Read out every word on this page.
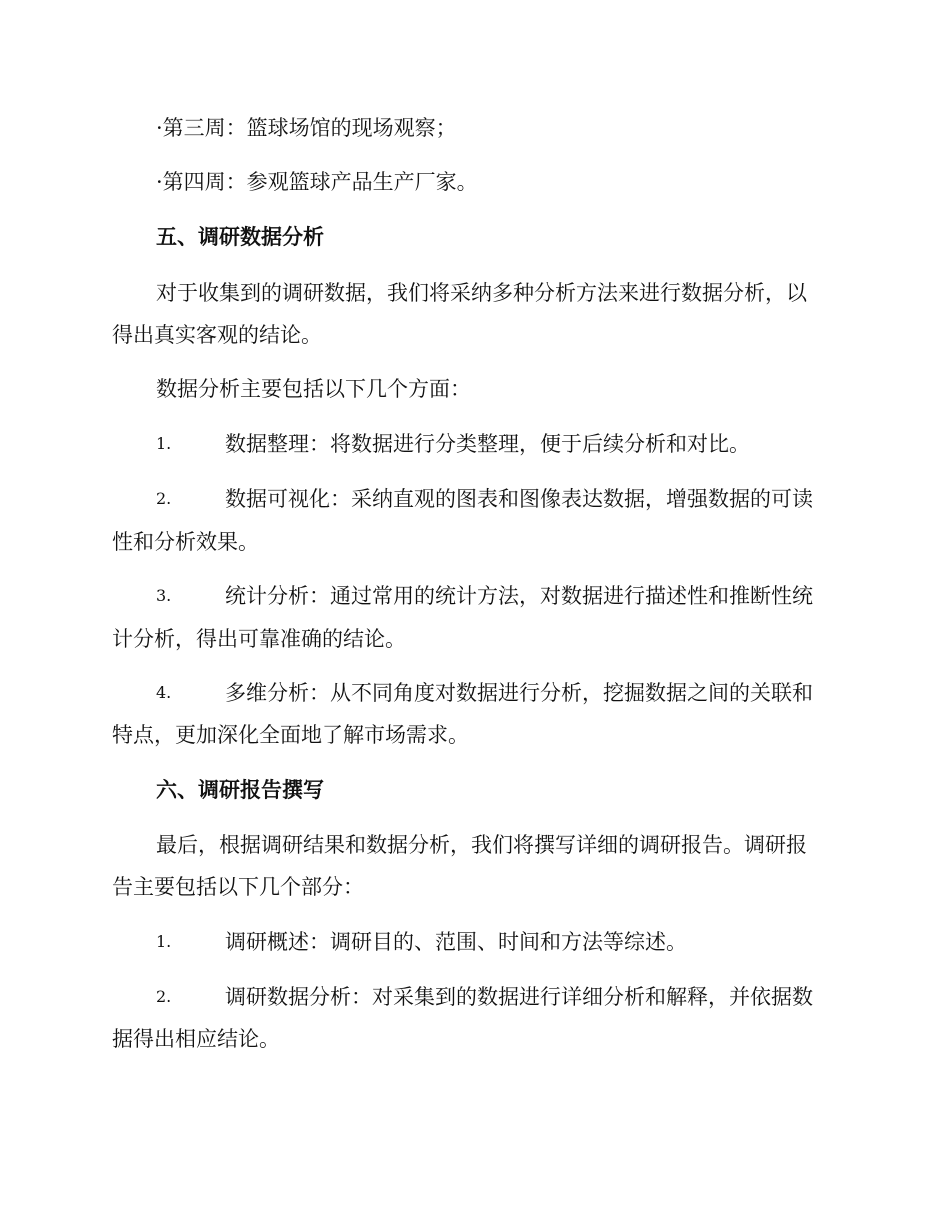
·第三周：篮球场馆的现场观察；
·第四周：参观篮球产品生产厂家。
五、调研数据分析
对于收集到的调研数据，我们将采纳多种分析方法来进行数据分析，以
得出真实客观的结论。
数据分析主要包括以下几个方面：
1.	数据整理：将数据进行分类整理，便于后续分析和对比。
2.	数据可视化：采纳直观的图表和图像表达数据，增强数据的可读
性和分析效果。
3.	统计分析：通过常用的统计方法，对数据进行描述性和推断性统
计分析，得出可靠准确的结论。
4.	多维分析：从不同角度对数据进行分析，挖掘数据之间的关联和
特点，更加深化全面地了解市场需求。
六、调研报告撰写
最后，根据调研结果和数据分析，我们将撰写详细的调研报告。调研报
告主要包括以下几个部分：
1.	调研概述：调研目的、范围、时间和方法等综述。
2.	调研数据分析：对采集到的数据进行详细分析和解释，并依据数
据得出相应结论。
